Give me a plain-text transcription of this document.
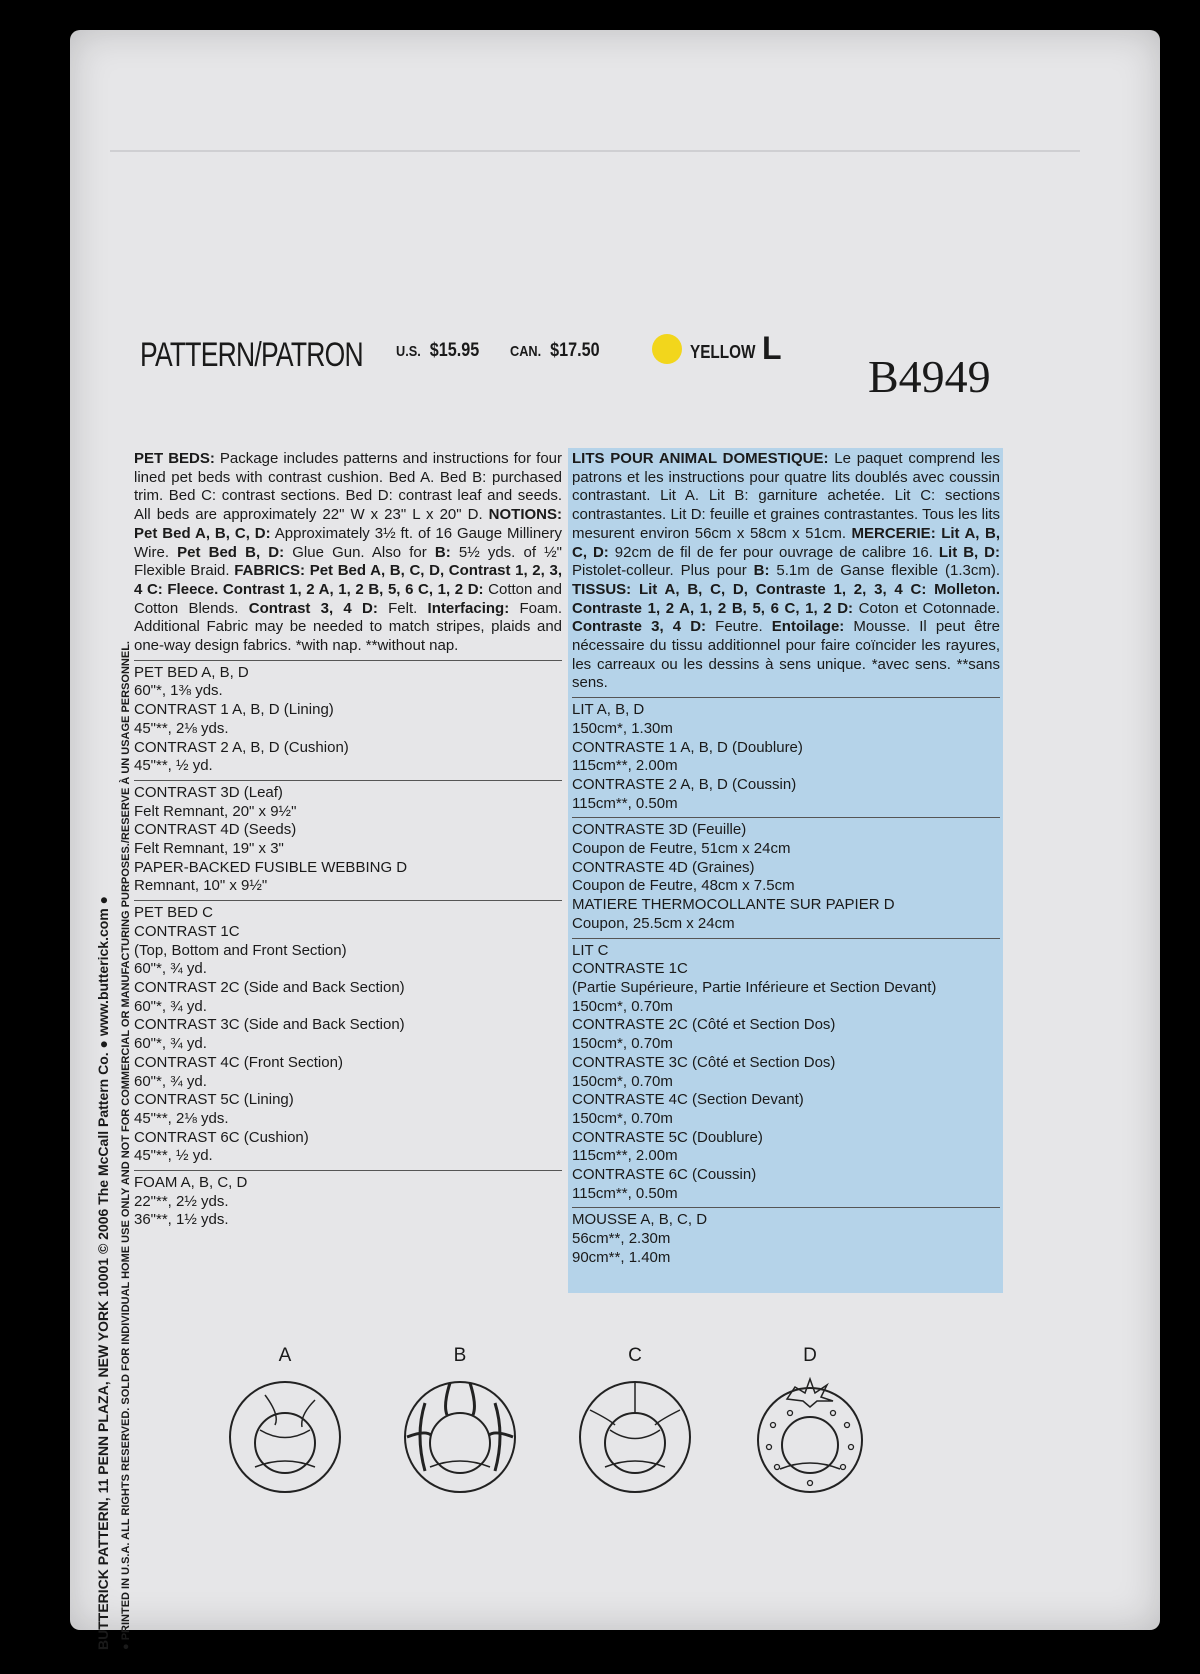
BUTTERICK PATTERN, 11 PENN PLAZA, NEW YORK 10001 © 2006 The McCall Pattern Co. ● www.butterick.com ● ● PRINTED IN U.S.A. ALL RIGHTS RESERVED. SOLD FOR INDIVIDUAL HOME USE ONLY AND NOT FOR COMMERCIAL OR MANUFACTURING PURPOSES./RESERVE À UN USAGE PERSONNEL.
PATTERN/PATRON U.S. $15.95 CAN. $17.50	YELLOW L
B4949

PET BEDS: Package includes patterns and instructions for four lined pet beds with contrast cushion. Bed A. Bed B: purchased trim. Bed C: contrast sections. Bed D: contrast leaf and seeds. All beds are approximately 22" W x 23" L x 20" D. NOTIONS: Pet Bed A, B, C, D: Approximately 3½ ft. of 16 Gauge Millinery Wire. Pet Bed B, D: Glue Gun. Also for B: 5½ yds. of ½" Flexible Braid. FABRICS: Pet Bed A, B, C, D, Contrast 1, 2, 3, 4 C: Fleece. Contrast 1, 2 A, 1, 2 B, 5, 6 C, 1, 2 D: Cotton and Cotton Blends. Contrast 3, 4 D: Felt. Interfacing: Foam. Additional Fabric may be needed to match stripes, plaids and one-way design fabrics. *with nap. **without nap.

PET BED A, B, D
60"*, 1⅜ yds.
CONTRAST 1 A, B, D (Lining)
45"**, 2⅛ yds.
CONTRAST 2 A, B, D (Cushion)
45"**, ½ yd.
CONTRAST 3D (Leaf)
Felt Remnant, 20" x 9½"
CONTRAST 4D (Seeds)
Felt Remnant, 19" x 3"
PAPER-BACKED FUSIBLE WEBBING D
Remnant, 10" x 9½"
PET BED C
CONTRAST 1C
(Top, Bottom and Front Section)
60"*, ¾ yd.
CONTRAST 2C (Side and Back Section)
60"*, ¾ yd.
CONTRAST 3C (Side and Back Section)
60"*, ¾ yd.
CONTRAST 4C (Front Section)
60"*, ¾ yd.
CONTRAST 5C (Lining)
45"**, 2⅛ yds.
CONTRAST 6C (Cushion)
45"**, ½ yd.
FOAM A, B, C, D
22"**, 2½ yds.
36"**, 1½ yds.

LITS POUR ANIMAL DOMESTIQUE: Le paquet comprend les patrons et les instructions pour quatre lits doublés avec coussin contrastant. Lit A. Lit B: garniture achetée. Lit C: sections contrastantes. Lit D: feuille et graines contrastantes. Tous les lits mesurent environ 56cm x 58cm x 51cm. MERCERIE: Lit A, B, C, D: 92cm de fil de fer pour ouvrage de calibre 16. Lit B, D: Pistolet-colleur. Plus pour B: 5.1m de Ganse flexible (1.3cm). TISSUS: Lit A, B, C, D, Contraste 1, 2, 3, 4 C: Molleton. Contraste 1, 2 A, 1, 2 B, 5, 6 C, 1, 2 D: Coton et Cotonnade. Contraste 3, 4 D: Feutre. Entoilage: Mousse. Il peut être nécessaire du tissu additionnel pour faire coïncider les rayures, les carreaux ou les dessins à sens unique. *avec sens. **sans sens.

LIT A, B, D
150cm*, 1.30m
CONTRASTE 1 A, B, D (Doublure)
115cm**, 2.00m
CONTRASTE 2 A, B, D (Coussin)
115cm**, 0.50m
CONTRASTE 3D (Feuille)
Coupon de Feutre, 51cm x 24cm
CONTRASTE 4D (Graines)
Coupon de Feutre, 48cm x 7.5cm
MATIERE THERMOCOLLANTE SUR PAPIER D
Coupon, 25.5cm x 24cm
LIT C
CONTRASTE 1C
(Partie Supérieure, Partie Inférieure et Section Devant)
150cm*, 0.70m
CONTRASTE 2C (Côté et Section Dos)
150cm*, 0.70m
CONTRASTE 3C (Côté et Section Dos)
150cm*, 0.70m
CONTRASTE 4C (Section Devant)
150cm*, 0.70m
CONTRASTE 5C (Doublure)
115cm**, 2.00m
CONTRASTE 6C (Coussin)
115cm**, 0.50m
MOUSSE A, B, C, D
56cm**, 2.30m
90cm**, 1.40m
A	B	C	D
